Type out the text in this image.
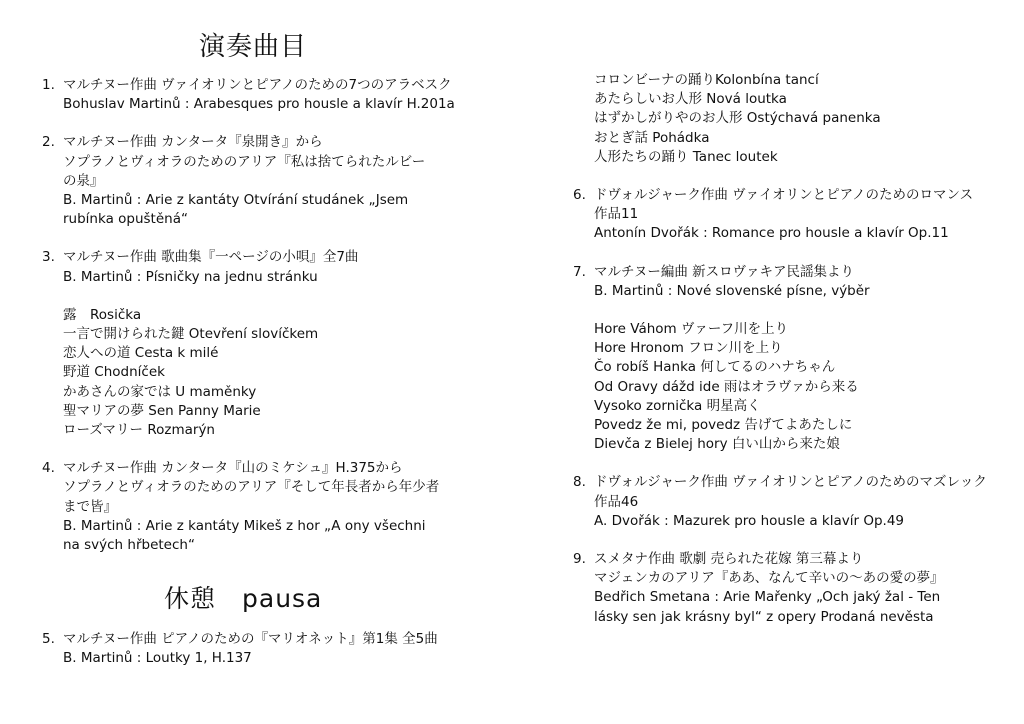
演奏曲目
1. マルチヌー作曲 ヴァイオリンとピアノのための7つのアラベスク
Bohuslav Martinů : Arabesques pro housle a klavír H.201a
2. マルチヌー作曲 カンタータ『泉開き』から
ソプラノとヴィオラのためのアリア『私は捨てられたルビー
の泉』
B. Martinů : Arie z kantáty Otvírání studánek „Jsem
rubínka opuštěná“
3. マルチヌー作曲 歌曲集『一ページの小唄』全7曲
B. Martinů : Písničky na jednu stránku
露　Rosička
一言で開けられた鍵 Otevření slovíčkem
恋人への道 Cesta k milé
野道 Chodníček
かあさんの家では U maměnky
聖マリアの夢 Sen Panny Marie
ローズマリー Rozmarýn
4. マルチヌー作曲 カンタータ『山のミケシュ』H.375から
ソプラノとヴィオラのためのアリア『そして年長者から年少者
まで皆』
B. Martinů : Arie z kantáty Mikeš z hor „A ony všechni
na svých hřbetech“
休憩　pausa
5. マルチヌー作曲 ピアノのための『マリオネット』第1集 全5曲
B. Martinů : Loutky 1, H.137
コロンビーナの踊りKolonbína tancí
あたらしいお人形 Nová loutka
はずかしがりやのお人形 Ostýchavá panenka
おとぎ話 Pohádka
人形たちの踊り Tanec loutek
6. ドヴォルジャーク作曲 ヴァイオリンとピアノのためのロマンス
作品11
Antonín Dvořák : Romance pro housle a klavír Op.11
7. マルチヌー編曲 新スロヴァキア民謡集より
B. Martinů : Nové slovenské písne, výběr
Hore Váhom ヴァーフ川を上り
Hore Hronom フロン川を上り
Čo robíš Hanka 何してるのハナちゃん
Od Oravy dážd ide 雨はオラヴァから来る
Vysoko zornička 明星高く
Povedz že mi, povedz 告げてよあたしに
Dievča z Bielej hory 白い山から来た娘
8. ドヴォルジャーク作曲 ヴァイオリンとピアノのためのマズレック
作品46
A. Dvořák : Mazurek pro housle a klavír Op.49
9. スメタナ作曲 歌劇 売られた花嫁 第三幕より
マジェンカのアリア『ああ、なんて辛いの〜あの愛の夢』
Bedřich Smetana : Arie Mařenky „Och jaký žal - Ten
lásky sen jak krásny byl“ z opery Prodaná nevěsta
